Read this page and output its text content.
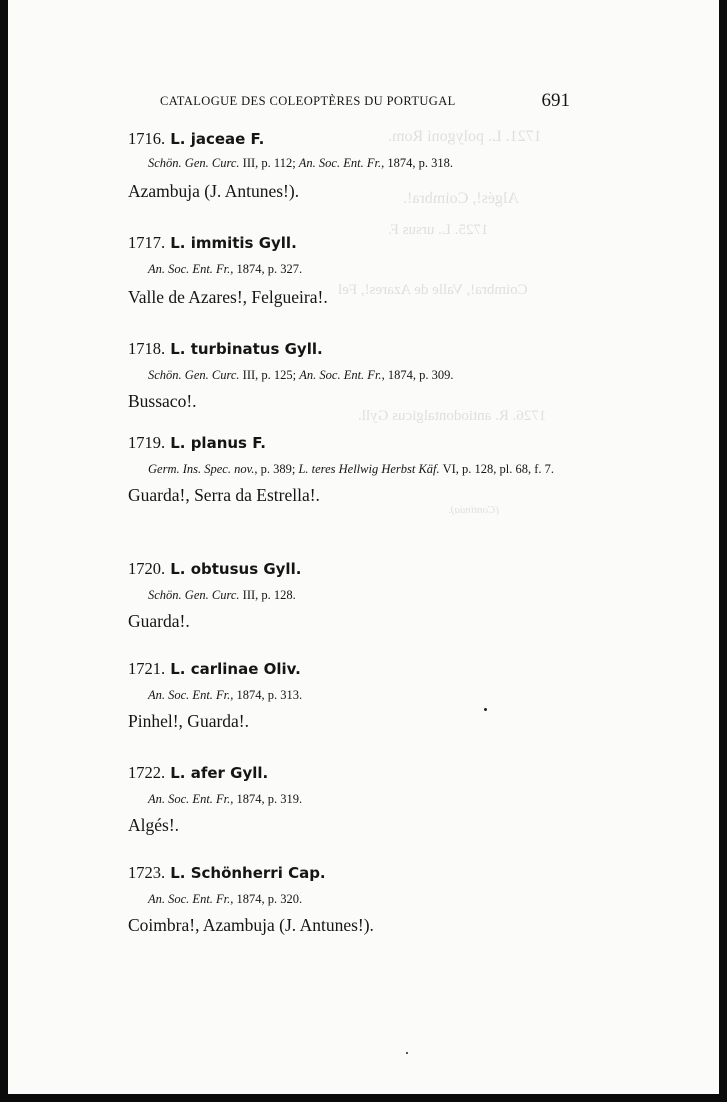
1721. L. polygoni Rom.
Algés!, Coimbra!.
1725. L. ursus F.
Coimbra!, Valle de Azares!, Fel
1726. R. antiodontalgicus Gyll.
(Continúa).
CATALOGUE DES COLEOPTÈRES DU PORTUGAL	691
1716. L. jaceae F.
Schön. Gen. Curc. III, p. 112; An. Soc. Ent. Fr., 1874, p. 318.
Azambuja (J. Antunes!).
1717. L. immitis Gyll.
An. Soc. Ent. Fr., 1874, p. 327.
Valle de Azares!, Felgueira!.
1718. L. turbinatus Gyll.
Schön. Gen. Curc. III, p. 125; An. Soc. Ent. Fr., 1874, p. 309.
Bussaco!.
1719. L. planus F.
Germ. Ins. Spec. nov., p. 389; L. teres Hellwig Herbst Käf. VI, p. 128, pl. 68, f. 7.
Guarda!, Serra da Estrella!.
1720. L. obtusus Gyll.
Schön. Gen. Curc. III, p. 128.
Guarda!.
1721. L. carlinae Oliv.
An. Soc. Ent. Fr., 1874, p. 313.
Pinhel!, Guarda!.
1722. L. afer Gyll.
An. Soc. Ent. Fr., 1874, p. 319.
Algés!.
1723. L. Schönherri Cap.
An. Soc. Ent. Fr., 1874, p. 320.
Coimbra!, Azambuja (J. Antunes!).
